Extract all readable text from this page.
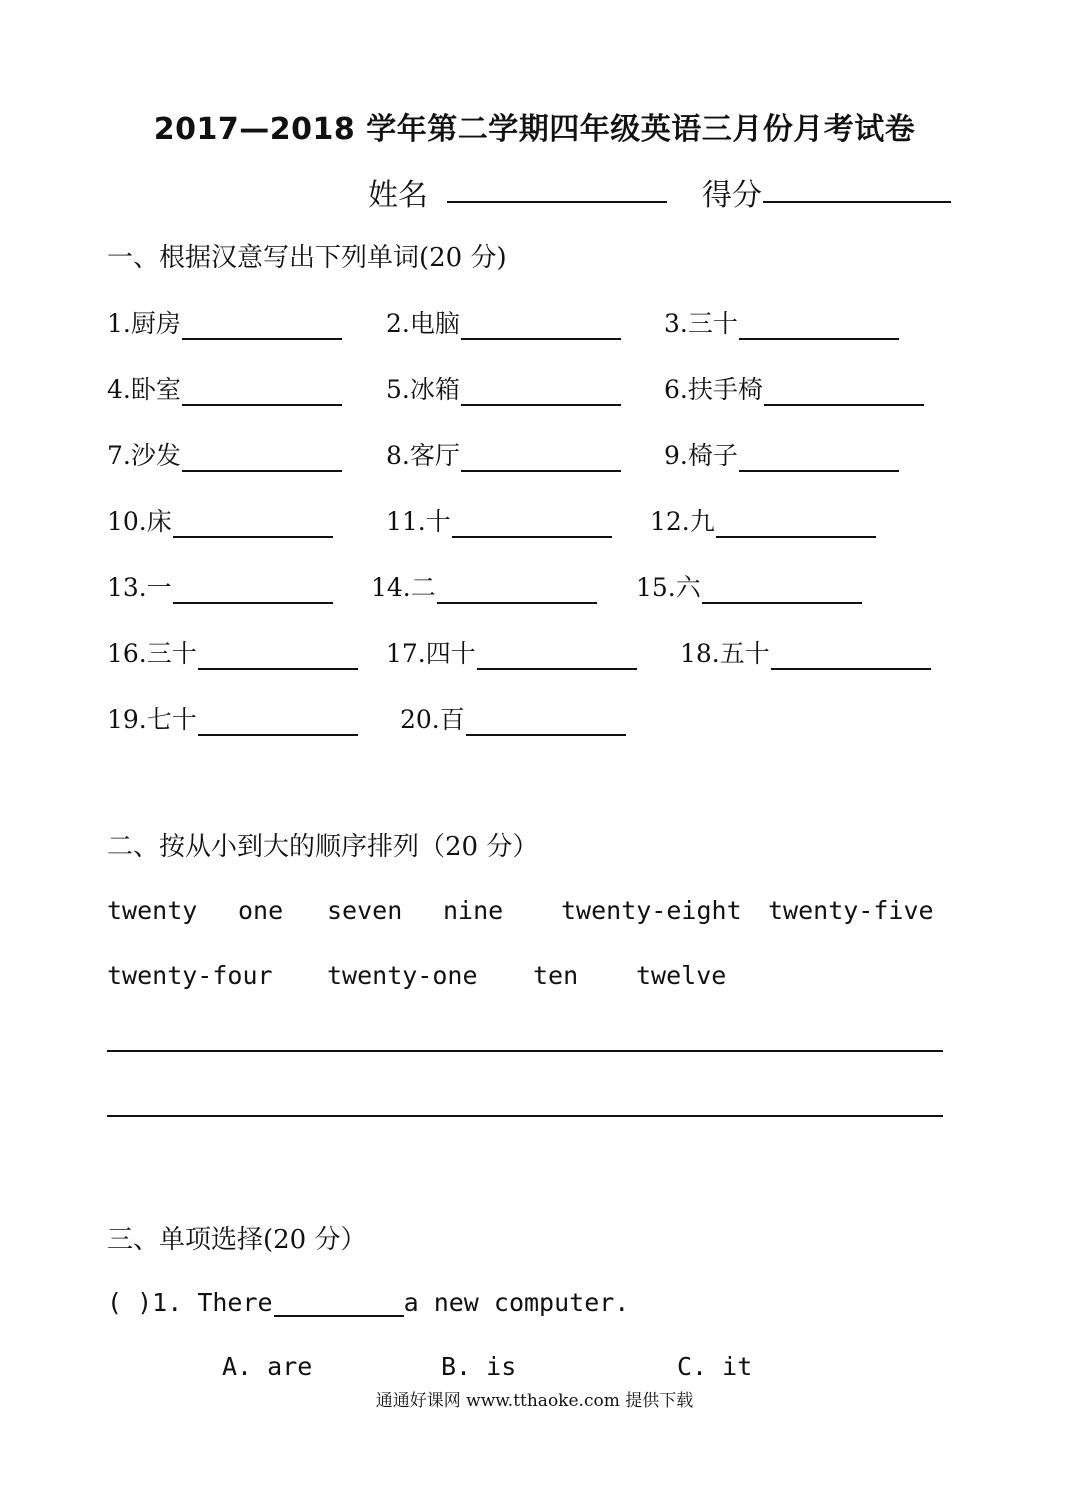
2017—2018 学年第二学期四年级英语三月份月考试卷
姓名	得分
一、根据汉意写出下列单词(20 分)
1.厨房	2.电脑	3.三十
4.卧室	5.冰箱	6.扶手椅
7.沙发	8.客厅	9.椅子
10.床	11.十	12.九
13.一	14.二	15.六
16.三十	17.四十	18.五十
19.七十	20.百
二、按从小到大的顺序排列（20 分）
twenty one seven nine twenty-eight twenty-five
twenty-four twenty-one ten twelve
三、单项选择(20 分）
( )1. There	a new computer.
A. are	B. is	C. it
通通好课网 www.tthaoke.com 提供下载
